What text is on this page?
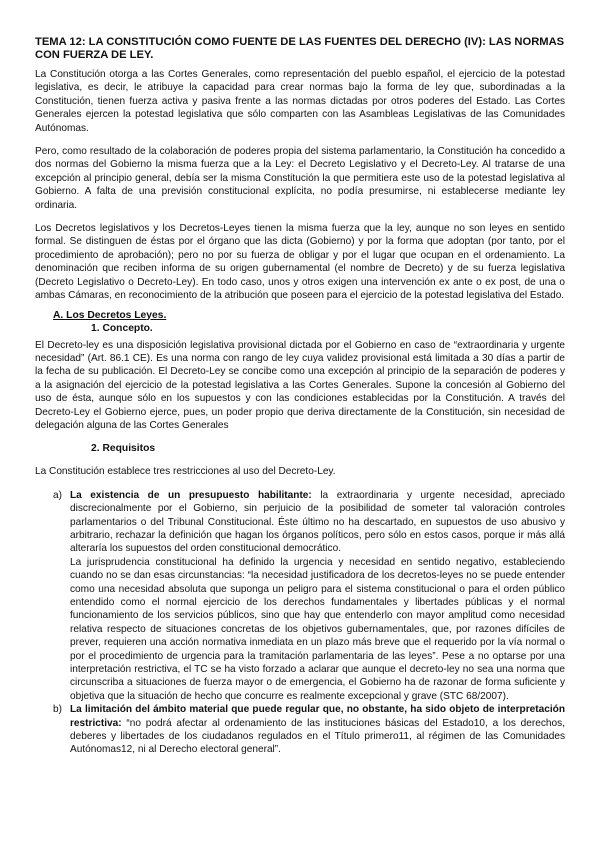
TEMA 12: LA CONSTITUCIÓN COMO FUENTE DE LAS FUENTES DEL DERECHO (IV): LAS NORMAS CON FUERZA DE LEY.

La Constitución otorga a las Cortes Generales, como representación del pueblo español, el ejercicio de la potestad legislativa, es decir, le atribuye la capacidad para crear normas bajo la forma de ley que, subordinadas a la Constitución, tienen fuerza activa y pasiva frente a las normas dictadas por otros poderes del Estado. Las Cortes Generales ejercen la potestad legislativa que sólo comparten con las Asambleas Legislativas de las Comunidades Autónomas.

Pero, como resultado de la colaboración de poderes propia del sistema parlamentario, la Constitución ha concedido a dos normas del Gobierno la misma fuerza que a la Ley: el Decreto Legislativo y el Decreto-Ley. Al tratarse de una excepción al principio general, debía ser la misma Constitución la que permitiera este uso de la potestad legislativa al Gobierno. A falta de una previsión constitucional explícita, no podía presumirse, ni establecerse mediante ley ordinaria.

Los Decretos legislativos y los Decretos-Leyes tienen la misma fuerza que la ley, aunque no son leyes en sentido formal. Se distinguen de éstas por el órgano que las dicta (Gobierno) y por la forma que adoptan (por tanto, por el procedimiento de aprobación); pero no por su fuerza de obligar y por el lugar que ocupan en el ordenamiento. La denominación que reciben informa de su origen gubernamental (el nombre de Decreto) y de su fuerza legislativa (Decreto Legislativo o Decreto-Ley). En todo caso, unos y otros exigen una intervención ex ante o ex post, de una o ambas Cámaras, en reconocimiento de la atribución que poseen para el ejercicio de la potestad legislativa del Estado.

A. Los Decretos Leyes.
1. Concepto.

El Decreto-ley es una disposición legislativa provisional dictada por el Gobierno en caso de “extraordinaria y urgente necesidad” (Art. 86.1 CE). Es una norma con rango de ley cuya validez provisional está limitada a 30 días a partir de la fecha de su publicación. El Decreto-Ley se concibe como una excepción al principio de la separación de poderes y a la asignación del ejercicio de la potestad legislativa a las Cortes Generales. Supone la concesión al Gobierno del uso de ésta, aunque sólo en los supuestos y con las condiciones establecidas por la Constitución. A través del Decreto-Ley el Gobierno ejerce, pues, un poder propio que deriva directamente de la Constitución, sin necesidad de delegación alguna de las Cortes Generales

2. Requisitos

La Constitución establece tres restricciones al uso del Decreto-Ley.

a) La existencia de un presupuesto habilitante: la extraordinaria y urgente necesidad, apreciado discrecionalmente por el Gobierno, sin perjuicio de la posibilidad de someter tal valoración controles parlamentarios o del Tribunal Constitucional. Éste último no ha descartado, en supuestos de uso abusivo y arbitrario, rechazar la definición que hagan los órganos políticos, pero sólo en estos casos, porque ir más allá alteraría los supuestos del orden constitucional democrático.

La jurisprudencia constitucional ha definido la urgencia y necesidad en sentido negativo, estableciendo cuando no se dan esas circunstancias: “la necesidad justificadora de los decretos-leyes no se puede entender como una necesidad absoluta que suponga un peligro para el sistema constitucional o para el orden público entendido como el normal ejercicio de los derechos fundamentales y libertades públicas y el normal funcionamiento de los servicios públicos, sino que hay que entenderlo con mayor amplitud como necesidad relativa respecto de situaciones concretas de los objetivos gubernamentales, que, por razones difíciles de prever, requieren una acción normativa inmediata en un plazo más breve que el requerido por la vía normal o por el procedimiento de urgencia para la tramitación parlamentaria de las leyes”. Pese a no optarse por una interpretación restrictiva, el TC se ha visto forzado a aclarar que aunque el decreto-ley no sea una norma que circunscriba a situaciones de fuerza mayor o de emergencia, el Gobierno ha de razonar de forma suficiente y objetiva que la situación de hecho que concurre es realmente excepcional y grave (STC 68/2007).

b) La limitación del ámbito material que puede regular que, no obstante, ha sido objeto de interpretación restrictiva: “no podrá afectar al ordenamiento de las instituciones básicas del Estado10, a los derechos, deberes y libertades de los ciudadanos regulados en el Título primero11, al régimen de las Comunidades Autónomas12, ni al Derecho electoral general”.
